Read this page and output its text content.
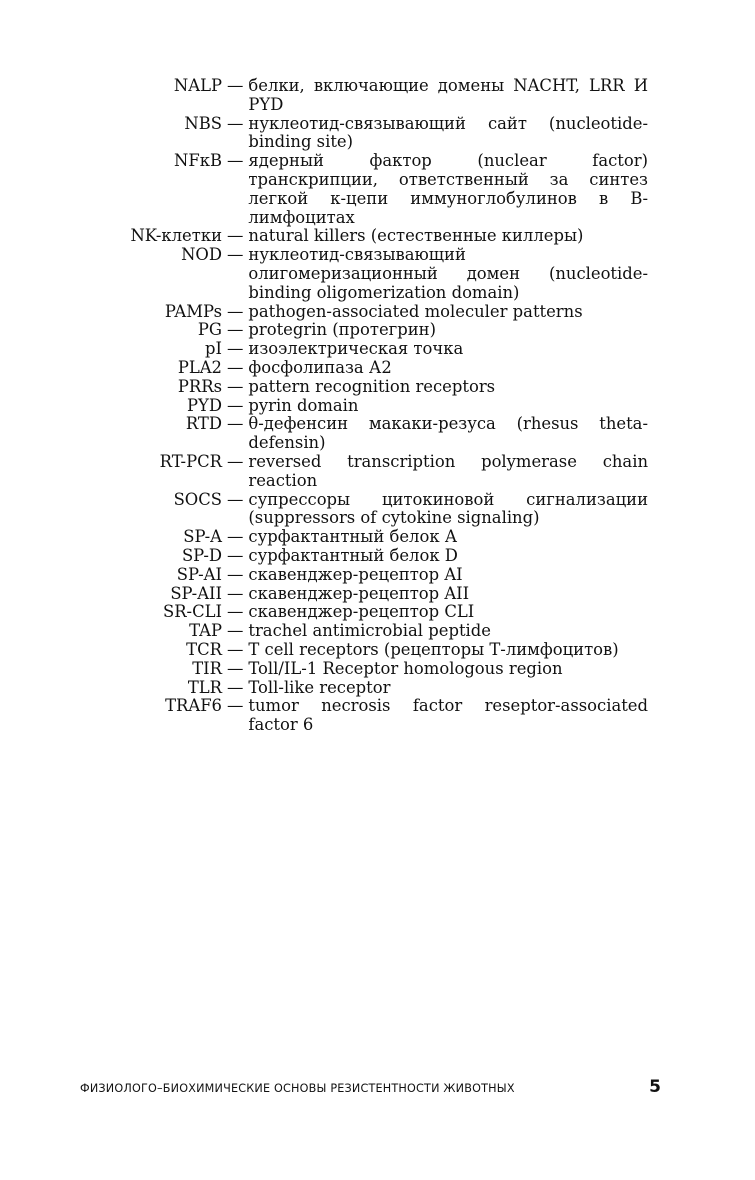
NALP — белки, включающие домены NACHT, LRR И PYD
NBS — нуклеотид-связывающий сайт (nucleotide-binding site)
NFκB — ядерный фактор (nuclear factor) транскрипции, ответственный за синтез легкой к-цепи иммуноглобулинов в В-лимфоцитах
NK-клетки — natural killers (естественные киллеры)
NOD — нуклеотид-связывающий олигомеризационный домен (nucleotide-binding oligomerization domain)
PAMPs — pathogen-associated moleculer patterns
PG — protegrin (протегрин)
pI — изоэлектрическая точка
PLA2 — фосфолипаза А2
PRRs — pattern recognition receptors
PYD — pyrin domain
RTD — θ-дефенсин макаки-резуса (rhesus theta-defensin)
RT-PCR — reversed transcription polymerase chain reaction
SOCS — супрессоры цитокиновой сигнализации (suppressors of cytokine signaling)
SP-A — сурфактантный белок А
SP-D — сурфактантный белок D
SP-AI — скавенджер-рецептор AI
SP-AII — скавенджер-рецептор AII
SR-CLI — скавенджер-рецептор CLI
TAP — trachel antimicrobial peptide
TCR — T cell receptors (рецепторы Т-лимфоцитов)
TIR — Toll/IL-1 Receptor homologous region
TLR — Toll-like receptor
TRAF6 — tumor necrosis factor reseptor-associated factor 6
ФИЗИОЛОГО–БИОХИМИЧЕСКИЕ ОСНОВЫ РЕЗИСТЕНТНОСТИ ЖИВОТНЫХ	5
